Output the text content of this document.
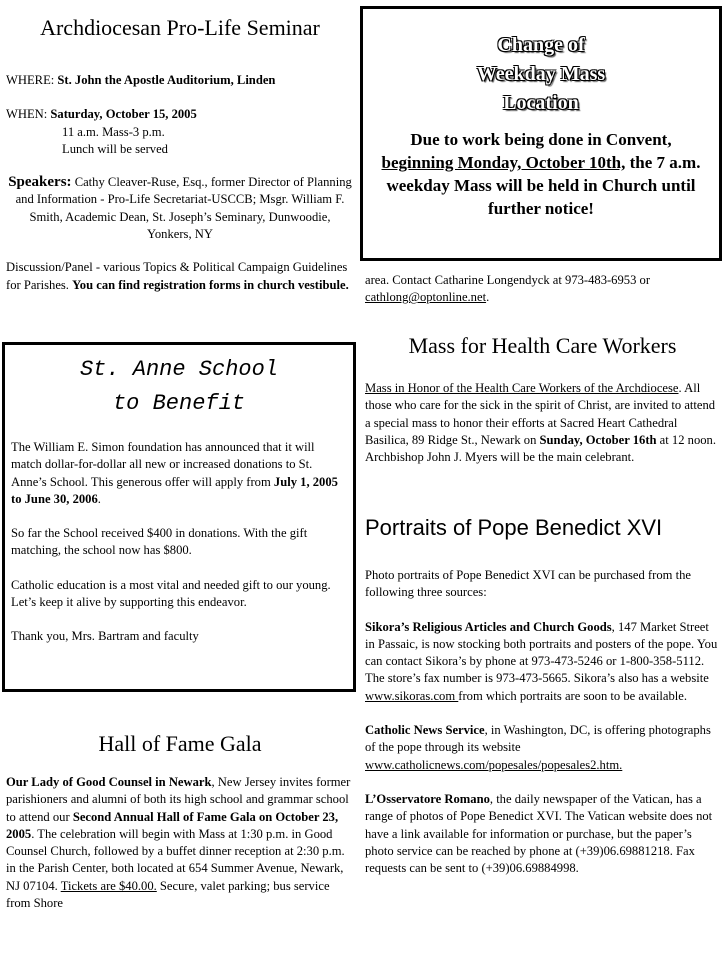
Archdiocesan Pro-Life Seminar

WHERE: St. John the Apostle Auditorium, Linden

WHEN: Saturday, October 15, 2005

11 a.m. Mass-3 p.m.

Lunch will be served

Speakers: Cathy Cleaver-Ruse, Esq., former Director of Planning and Information - Pro-Life Secretariat-USCCB; Msgr. William F. Smith, Academic Dean, St. Joseph’s Seminary, Dunwoodie, Yonkers, NY

Discussion/Panel - various Topics & Political Campaign Guidelines for Parishes. You can find registration forms in church vestibule.

Change of
Weekday Mass
Location

Due to work being done in Convent, beginning Monday, October 10th, the 7 a.m. weekday Mass will be held in Church until further notice!

area. Contact Catharine Longendyck at 973-483-6953 or cathlong@optonline.net.

St. Anne School
to Benefit

The William E. Simon foundation has announced that it will match dollar-for-dollar all new or increased donations to St. Anne’s School. This generous offer will apply from July 1, 2005 to June 30, 2006.

So far the School received $400 in donations. With the gift matching, the school now has $800.

Catholic education is a most vital and needed gift to our young. Let’s keep it alive by supporting this endeavor.

Thank you, Mrs. Bartram and faculty

Mass for Health Care Workers

Mass in Honor of the Health Care Workers of the Archdiocese. All those who care for the sick in the spirit of Christ, are invited to attend a special mass to honor their efforts at Sacred Heart Cathedral Basilica, 89 Ridge St., Newark on Sunday, October 16th at 12 noon. Archbishop John J. Myers will be the main celebrant.

Portraits of Pope Benedict XVI

Photo portraits of Pope Benedict XVI can be purchased from the following three sources:

Sikora’s Religious Articles and Church Goods, 147 Market Street in Passaic, is now stocking both portraits and posters of the pope. You can contact Sikora’s by phone at 973-473-5246 or 1-800-358-5112. The store’s fax number is 973-473-5665. Sikora’s also has a website www.sikoras.com from which portraits are soon to be available.

Catholic News Service, in Washington, DC, is offering photographs of the pope through its website www.catholicnews.com/popesales/popesales2.htm.

L’Osservatore Romano, the daily newspaper of the Vatican, has a range of photos of Pope Benedict XVI. The Vatican website does not have a link available for information or purchase, but the paper’s photo service can be reached by phone at (+39)06.69881218. Fax requests can be sent to (+39)06.69884998.

Hall of Fame Gala

Our Lady of Good Counsel in Newark, New Jersey invites former parishioners and alumni of both its high school and grammar school to attend our Second Annual Hall of Fame Gala on October 23, 2005. The celebration will begin with Mass at 1:30 p.m. in Good Counsel Church, followed by a buffet dinner reception at 2:30 p.m. in the Parish Center, both located at 654 Summer Avenue, Newark, NJ 07104. Tickets are $40.00. Secure, valet parking; bus service from Shore
